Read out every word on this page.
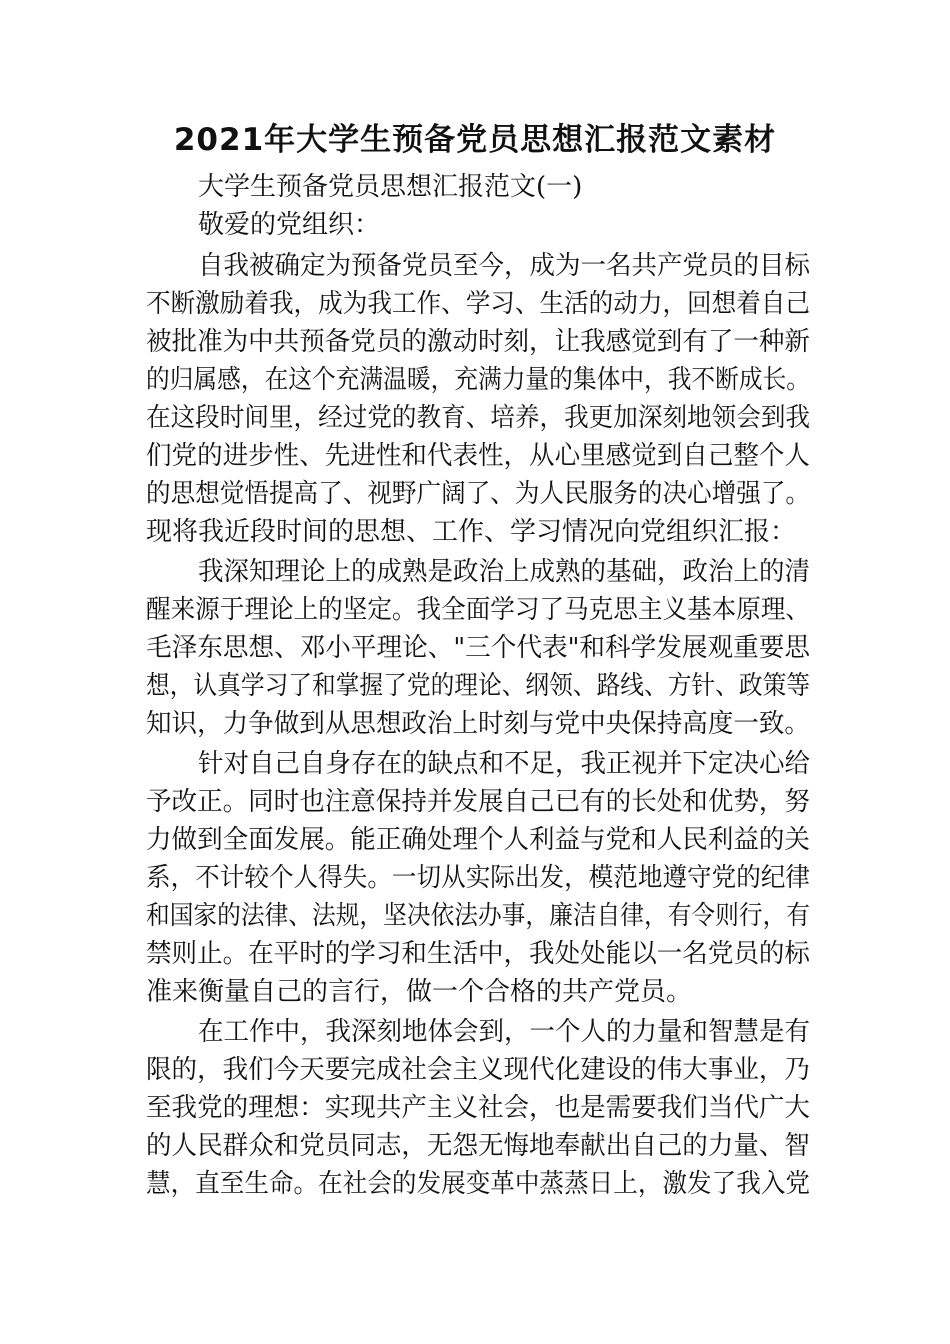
2021年大学生预备党员思想汇报范文素材

大学生预备党员思想汇报范文(一)

敬爱的党组织：

自我被确定为预备党员至今，成为一名共产党员的目标

不断激励着我，成为我工作、学习、生活的动力，回想着自己

被批准为中共预备党员的激动时刻，让我感觉到有了一种新

的归属感，在这个充满温暖，充满力量的集体中，我不断成长。

在这段时间里，经过党的教育、培养，我更加深刻地领会到我

们党的进步性、先进性和代表性，从心里感觉到自己整个人

的思想觉悟提高了、视野广阔了、为人民服务的决心增强了。

现将我近段时间的思想、工作、学习情况向党组织汇报：

我深知理论上的成熟是政治上成熟的基础，政治上的清

醒来源于理论上的坚定。我全面学习了马克思主义基本原理、

毛泽东思想、邓小平理论、"三个代表"和科学发展观重要思

想，认真学习了和掌握了党的理论、纲领、路线、方针、政策等

知识，力争做到从思想政治上时刻与党中央保持高度一致。

针对自己自身存在的缺点和不足，我正视并下定决心给

予改正。同时也注意保持并发展自己已有的长处和优势，努

力做到全面发展。能正确处理个人利益与党和人民利益的关

系，不计较个人得失。一切从实际出发，模范地遵守党的纪律

和国家的法律、法规，坚决依法办事，廉洁自律，有令则行，有

禁则止。在平时的学习和生活中，我处处能以一名党员的标

准来衡量自己的言行，做一个合格的共产党员。

在工作中，我深刻地体会到，一个人的力量和智慧是有

限的，我们今天要完成社会主义现代化建设的伟大事业，乃

至我党的理想：实现共产主义社会，也是需要我们当代广大

的人民群众和党员同志，无怨无悔地奉献出自己的力量、智

慧，直至生命。在社会的发展变革中蒸蒸日上，激发了我入党
